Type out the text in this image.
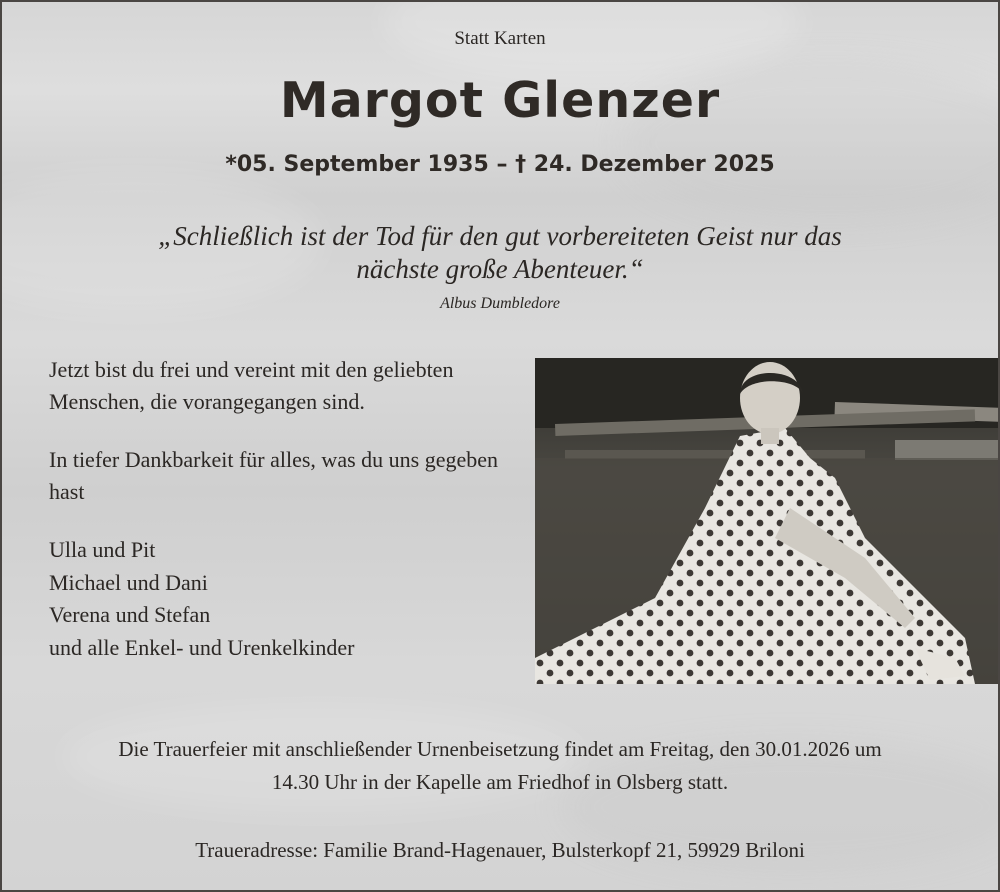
Statt Karten
Margot Glenzer
*05. September 1935 – † 24. Dezember 2025
„Schließlich ist der Tod für den gut vorbereiteten Geist nur das
nächste große Abenteuer.“
Albus Dumbledore

Jetzt bist du frei und vereint mit den geliebten Menschen, die vorangegangen sind.

In tiefer Dankbarkeit für alles, was du uns gegeben hast

Ulla und Pit

Michael und Dani

Verena und Stefan

und alle Enkel- und Urenkelkinder

Die Trauerfeier mit anschließender Urnenbeisetzung findet am Freitag, den 30.01.2026 um
14.30 Uhr in der Kapelle am Friedhof in Olsberg statt.
Traueradresse: Familie Brand-Hagenauer, Bulsterkopf 21, 59929 Briloni
